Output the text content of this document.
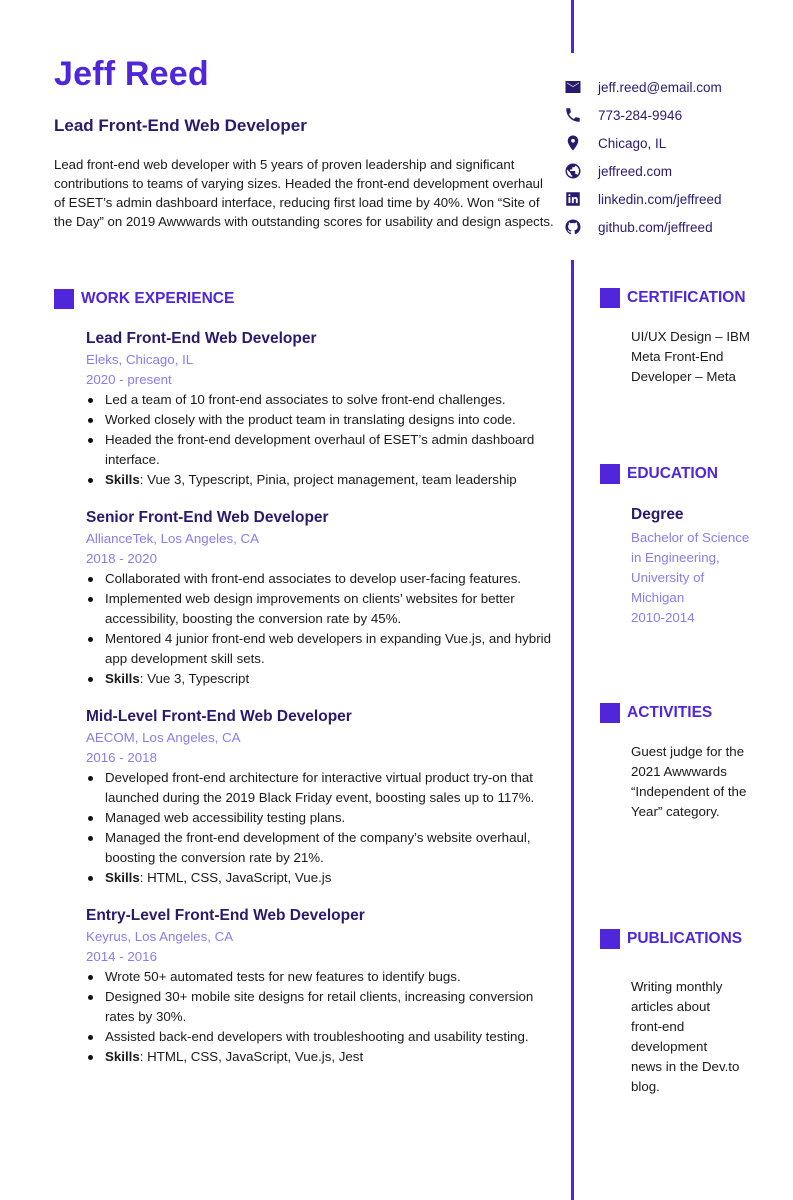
Jeff Reed
Lead Front-End Web Developer

Lead front-end web developer with 5 years of proven leadership and significant contributions to teams of varying sizes. Headed the front-end development overhaul of ESET’s admin dashboard interface, reducing first load time by 40%. Won “Site of the Day” on 2019 Awwwards with outstanding scores for usability and design aspects.

jeff.reed@email.com
773-284-9946
Chicago, IL
jeffreed.com
linkedin.com/jeffreed
github.com/jeffreed
WORK EXPERIENCE
Lead Front-End Web Developer
Eleks, Chicago, IL
2020 - present
Led a team of 10 front-end associates to solve front-end challenges.
Worked closely with the product team in translating designs into code.
Headed the front-end development overhaul of ESET’s admin dashboard interface.
Skills: Vue 3, Typescript, Pinia, project management, team leadership
Senior Front-End Web Developer
AllianceTek, Los Angeles, CA
2018 - 2020
Collaborated with front-end associates to develop user-facing features.
Implemented web design improvements on clients’ websites for better accessibility, boosting the conversion rate by 45%.
Mentored 4 junior front-end web developers in expanding Vue.js, and hybrid app development skill sets.
Skills: Vue 3, Typescript
Mid-Level Front-End Web Developer
AECOM, Los Angeles, CA
2016 - 2018
Developed front-end architecture for interactive virtual product try-on that launched during the 2019 Black Friday event, boosting sales up to 117%.
Managed web accessibility testing plans.
Managed the front-end development of the company’s website overhaul, boosting the conversion rate by 21%.
Skills: HTML, CSS, JavaScript, Vue.js
Entry-Level Front-End Web Developer
Keyrus, Los Angeles, CA
2014 - 2016
Wrote 50+ automated tests for new features to identify bugs.
Designed 30+ mobile site designs for retail clients, increasing conversion rates by 30%.
Assisted back-end developers with troubleshooting and usability testing.
Skills: HTML, CSS, JavaScript, Vue.js, Jest
CERTIFICATION
UI/UX Design – IBM
Meta Front-End Developer – Meta
EDUCATION
Degree
Bachelor of Science in Engineering, University of Michigan
2010-2014
ACTIVITIES
Guest judge for the 2021 Awwwards “Independent of the Year” category.
PUBLICATIONS
Writing monthly articles about front-end development news in the Dev.to blog.
